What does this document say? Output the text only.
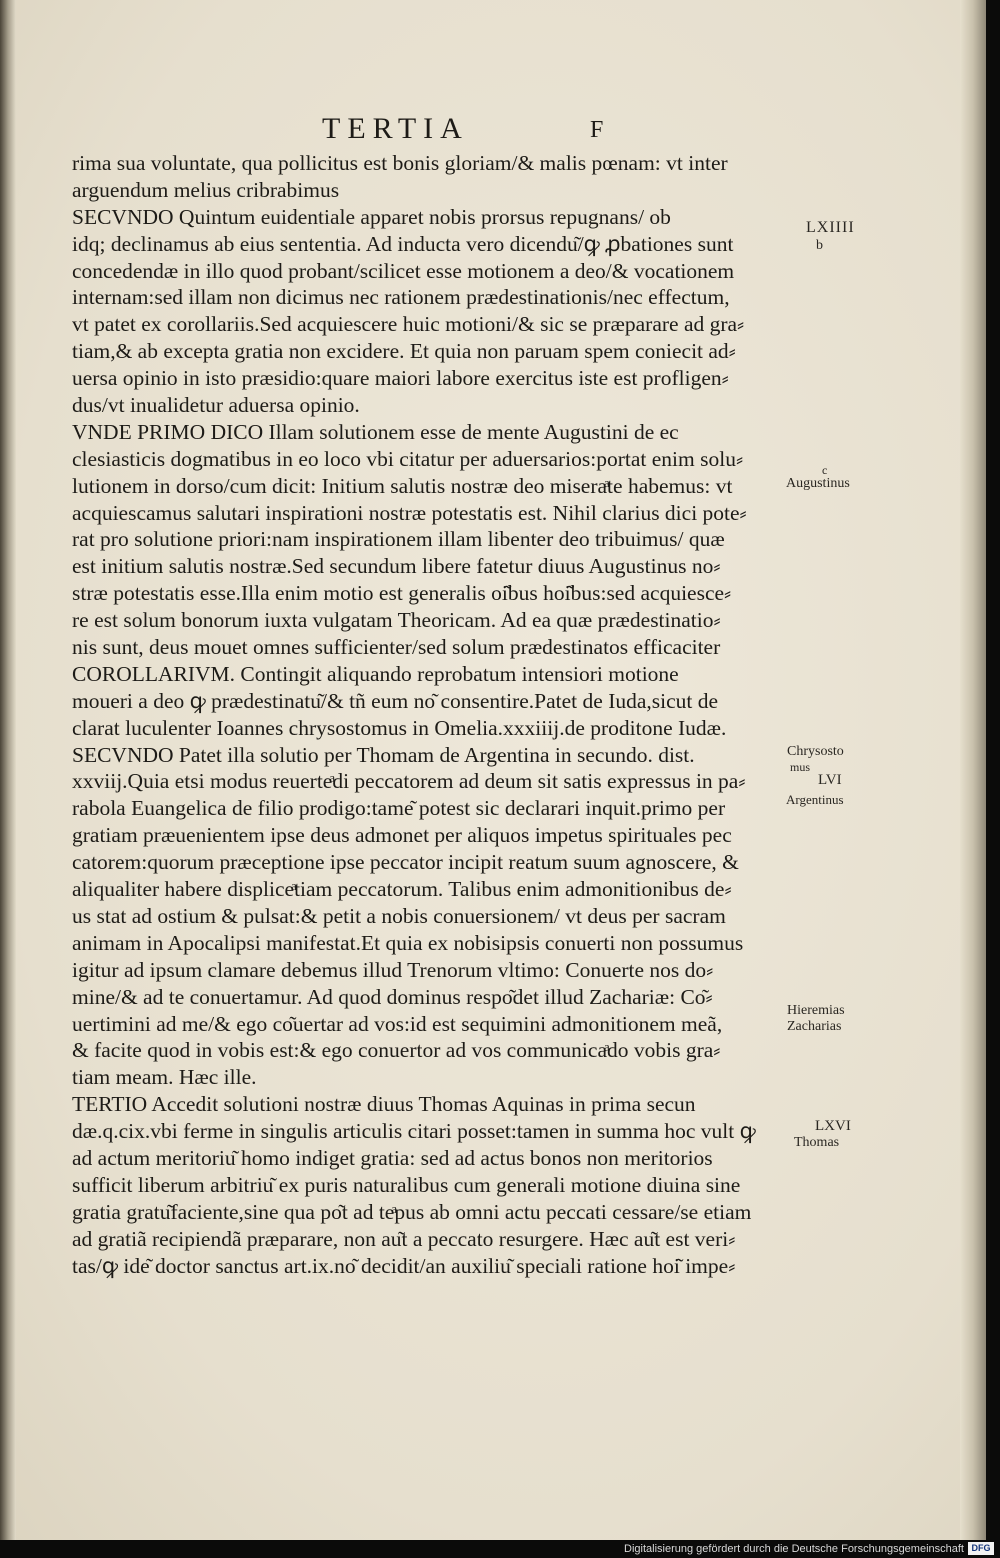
TERTIA	F
rima sua voluntate, qua pollicitus est bonis gloriam/& malis pœnam: vt inter
arguendum melius cribrabimus
SECVNDO Quintum euidentiale apparet nobis prorsus repugnans/ ob
idq; declinamus ab eius sententia. Ad inducta vero dicendu͂/ꝙ ꝓbationes sunt
concedendæ in illo quod probant/scilicet esse motionem a deo/& vocationem
internam:sed illam non dicimus nec rationem prædestinationis/nec effectum,
vt patet ex corollariis.Sed acquiescere huic motioni/& sic se præparare ad gra⸗
tiam,& ab excepta gratia non excidere. Et quia non paruam spem coniecit ad⸗
uersa opinio in isto præsidio:quare maiori labore exercitus iste est profligen⸗
dus/vt inualidetur aduersa opinio.
VNDE PRIMO DICO Illam solutionem esse de mente Augustini de ec
clesiasticis dogmatibus in eo loco vbi citatur per aduersarios:portat enim solu⸗
lutionem in dorso/cum dicit: Initium salutis nostræ deo miseraͣte habemus: vt
acquiescamus salutari inspirationi nostræ potestatis est. Nihil clarius dici pote⸗
rat pro solutione priori:nam inspirationem illam libenter deo tribuimus/ quæ
est initium salutis nostræ.Sed secundum libere fatetur diuus Augustinus no⸗
stræ potestatis esse.Illa enim motio est generalis oi͂bus hoi͂bus:sed acquiesce⸗
re est solum bonorum iuxta vulgatam Theoricam. Ad ea quæ prædestinatio⸗
nis sunt, deus mouet omnes sufficienter/sed solum prædestinatos efficaciter
COROLLARIVM. Contingit aliquando reprobatum intensiori motione
moueri a deo ꝙ prædestinatu͂/& tñ eum no͂ consentire.Patet de Iuda,sicut de
clarat luculenter Ioannes chrysostomus in Omelia.xxxiiij.de proditone Iudæ.
SECVNDO Patet illa solutio per Thomam de Argentina in secundo. dist.
xxviij.Quia etsi modus reuerteͣdi peccatorem ad deum sit satis expressus in pa⸗
rabola Euangelica de filio prodigo:tame͂ potest sic declarari inquit.primo per
gratiam præuenientem ipse deus admonet per aliquos impetus spirituales pec
catorem:quorum præceptione ipse peccator incipit reatum suum agnoscere, &
aliqualiter habere displiceͣtiam peccatorum. Talibus enim admonitionibus de⸗
us stat ad ostium & pulsat:& petit a nobis conuersionem/ vt deus per sacram
animam in Apocalipsi manifestat.Et quia ex nobisipsis conuerti non possumus
igitur ad ipsum clamare debemus illud Trenorum vltimo: Conuerte nos do⸗
mine/& ad te conuertamur. Ad quod dominus respo͂det illud Zachariæ: Co͂⸗
uertimini ad me/& ego co͂uertar ad vos:id est sequimini admonitionem meã,
& facite quod in vobis est:& ego conuertor ad vos communicaͣdo vobis gra⸗
tiam meam. Hæc ille.
TERTIO Accedit solutioni nostræ diuus Thomas Aquinas in prima secun
dæ.q.cix.vbi ferme in singulis articulis citari posset:tamen in summa hoc vult ꝙ
ad actum meritoriu͂ homo indiget gratia: sed ad actus bonos non meritorios
sufficit liberum arbitriu͂ ex puris naturalibus cum generali motione diuina sine
gratia gratu͂faciente,sine qua po͂t ad teͣpus ab omni actu peccati cessare/se etiam
ad gratiã recipiendã præparare, non au͂t a peccato resurgere. Hæc au͂t est veri⸗
tas/ꝙ ide͂ doctor sanctus art.ix.no͂ decidit/an auxiliu͂ speciali ratione hoi͂ impe⸗
LXIIII
b
c
Augustinus
Chrysosto
mus
LVI
Argentinus
Hieremias
Zacharias
LXVI
Thomas
Digitalisierung gefördert durch die Deutsche Forschungsgemeinschaft DFG
